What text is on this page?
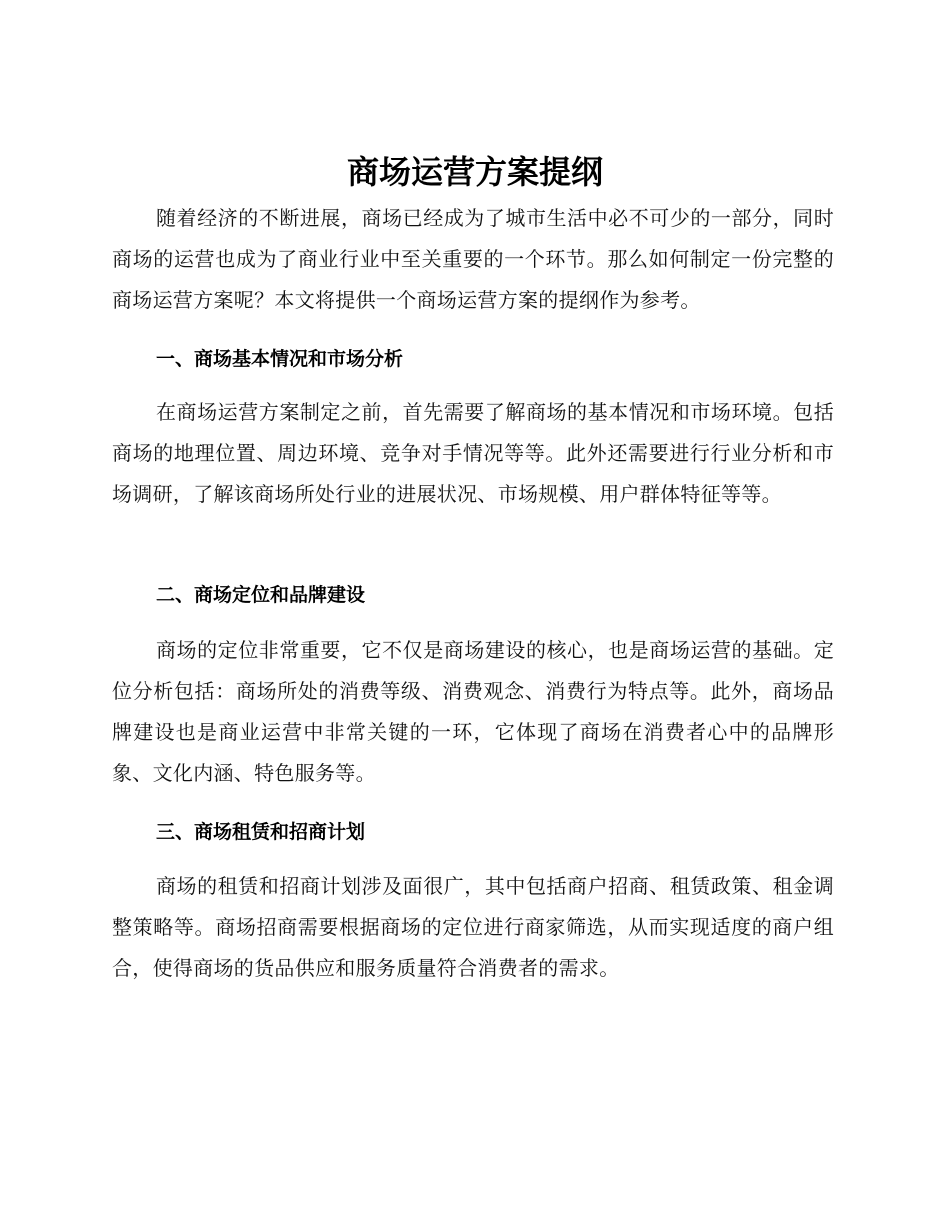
商场运营方案提纲

随着经济的不断进展，商场已经成为了城市生活中必不可少的一部分，同时商场的运营也成为了商业行业中至关重要的一个环节。那么如何制定一份完整的商场运营方案呢？本文将提供一个商场运营方案的提纲作为参考。

一、商场基本情况和市场分析

在商场运营方案制定之前，首先需要了解商场的基本情况和市场环境。包括商场的地理位置、周边环境、竞争对手情况等等。此外还需要进行行业分析和市场调研，了解该商场所处行业的进展状况、市场规模、用户群体特征等等。

二、商场定位和品牌建设

商场的定位非常重要，它不仅是商场建设的核心，也是商场运营的基础。定位分析包括：商场所处的消费等级、消费观念、消费行为特点等。此外，商场品牌建设也是商业运营中非常关键的一环，它体现了商场在消费者心中的品牌形象、文化内涵、特色服务等。

三、商场租赁和招商计划

商场的租赁和招商计划涉及面很广，其中包括商户招商、租赁政策、租金调整策略等。商场招商需要根据商场的定位进行商家筛选，从而实现适度的商户组合，使得商场的货品供应和服务质量符合消费者的需求。
